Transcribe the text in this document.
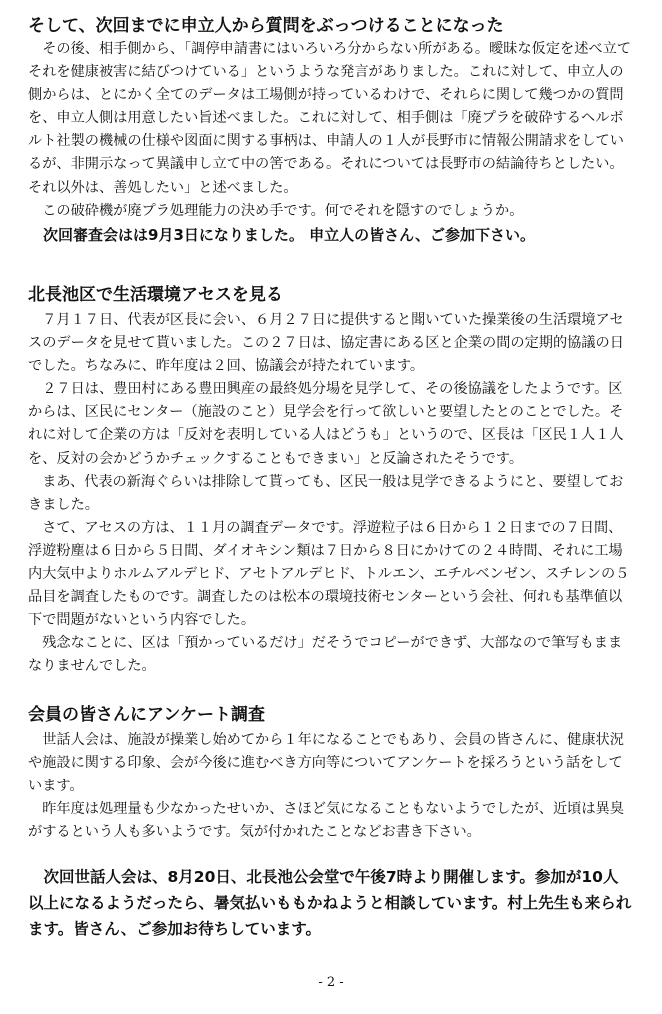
そして、次回までに申立人から質問をぶっつけることになった

その後、相手側から、「調停申請書にはいろいろ分からない所がある。曖昧な仮定を述べ立てそれを健康被害に結びつけている」というような発言がありました。これに対して、申立人の側からは、とにかく全てのデータは工場側が持っているわけで、それらに関して幾つかの質問を、申立人側は用意したい旨述べました。これに対して、相手側は「廃プラを破砕するヘルボルト社製の機械の仕様や図面に関する事柄は、申請人の１人が長野市に情報公開請求をしているが、非開示なって異議申し立て中の筈である。それについては長野市の結論待ちとしたい。それ以外は、善処したい」と述べました。

この破砕機が廃プラ処理能力の決め手です。何でそれを隠すのでしょうか。

次回審査会はは9月3日になりました。 申立人の皆さん、ご参加下さい。

北長池区で生活環境アセスを見る

７月１７日、代表が区長に会い、６月２７日に提供すると聞いていた操業後の生活環境アセスのデータを見せて貰いました。この２７日は、協定書にある区と企業の間の定期的協議の日でした。ちなみに、昨年度は２回、協議会が持たれています。

２７日は、豊田村にある豊田興産の最終処分場を見学して、その後協議をしたようです。区からは、区民にセンター（施設のこと）見学会を行って欲しいと要望したとのことでした。それに対して企業の方は「反対を表明している人はどうも」というので、区長は「区民１人１人を、反対の会かどうかチェックすることもできまい」と反論されたそうです。

まあ、代表の新海ぐらいは排除して貰っても、区民一般は見学できるようにと、要望しておきました。

さて、アセスの方は、１１月の調査データです。浮遊粒子は６日から１２日までの７日間、浮遊粉塵は６日から５日間、ダイオキシン類は７日から８日にかけての２４時間、それに工場内大気中よりホルムアルデヒド、アセトアルデヒド、トルエン、エチルベンゼン、スチレンの５品目を調査したものです。調査したのは松本の環境技術センターという会社、何れも基準値以下で問題がないという内容でした。

残念なことに、区は「預かっているだけ」だそうでコピーができず、大部なので筆写もままなりませんでした。

会員の皆さんにアンケート調査

世話人会は、施設が操業し始めてから１年になることでもあり、会員の皆さんに、健康状況や施設に関する印象、会が今後に進むべき方向等についてアンケートを採ろうという話をしています。

昨年度は処理量も少なかったせいか、さほど気になることもないようでしたが、近頃は異臭がするという人も多いようです。気が付かれたことなどお書き下さい。

次回世話人会は、8月20日、北長池公会堂で午後7時より開催します。参加が10人以上になるようだったら、暑気払いももかねようと相談しています。村上先生も来られます。皆さん、ご参加お待ちしています。

- 2 -
